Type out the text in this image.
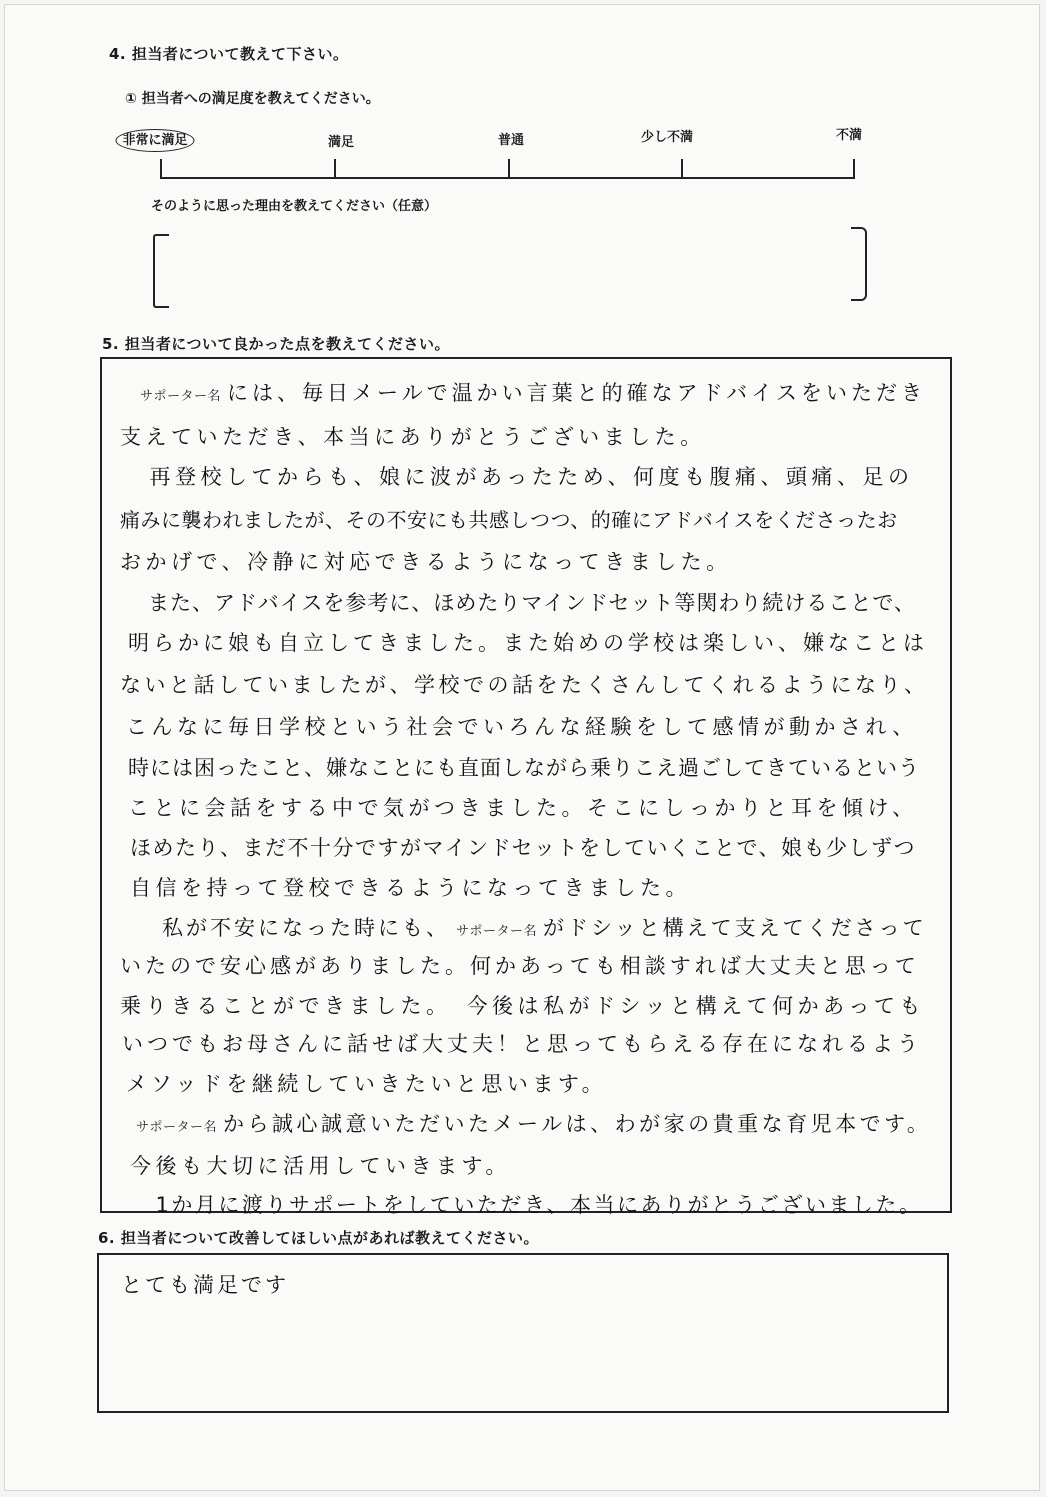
4. 担当者について教えて下さい。
① 担当者への満足度を教えてください。
非常に満足	満足	普通	少し不満	不満
そのように思った理由を教えてください（任意）
5. 担当者について良かった点を教えてください。
サポーター名 には、毎日メールで温かい言葉と的確なアドバイスをいただき
支えていただき、本当にありがとうございました。
　再登校してからも、娘に波があったため、何度も腹痛、頭痛、足の
痛みに襲われましたが、その不安にも共感しつつ、的確にアドバイスをくださったお
おかげで、冷静に対応できるようになってきました。
　また、アドバイスを参考に、ほめたりマインドセット等関わり続けることで、
明らかに娘も自立してきました。また始めの学校は楽しい、嫌なことは
ないと話していましたが、学校での話をたくさんしてくれるようになり、
こんなに毎日学校という社会でいろんな経験をして感情が動かされ、
時には困ったこと、嫌なことにも直面しながら乗りこえ過ごしてきているという
ことに会話をする中で気がつきました。そこにしっかりと耳を傾け、
ほめたり、まだ不十分ですがマインドセットをしていくことで、娘も少しずつ
自信を持って登校できるようになってきました。
　私が不安になった時にも、 サポーター名 がドシッと構えて支えてくださって
いたので安心感がありました。何かあっても相談すれば大丈夫と思って
乗りきることができました。　今後は私がドシッと構えて何かあっても
いつでもお母さんに話せば大丈夫！と思ってもらえる存在になれるよう
メソッドを継続していきたいと思います。
サポーター名 から誠心誠意いただいたメールは、わが家の貴重な育児本です。
今後も大切に活用していきます。
　1か月に渡りサポートをしていただき、本当にありがとうございました。
6. 担当者について改善してほしい点があれば教えてください。
とても満足です
